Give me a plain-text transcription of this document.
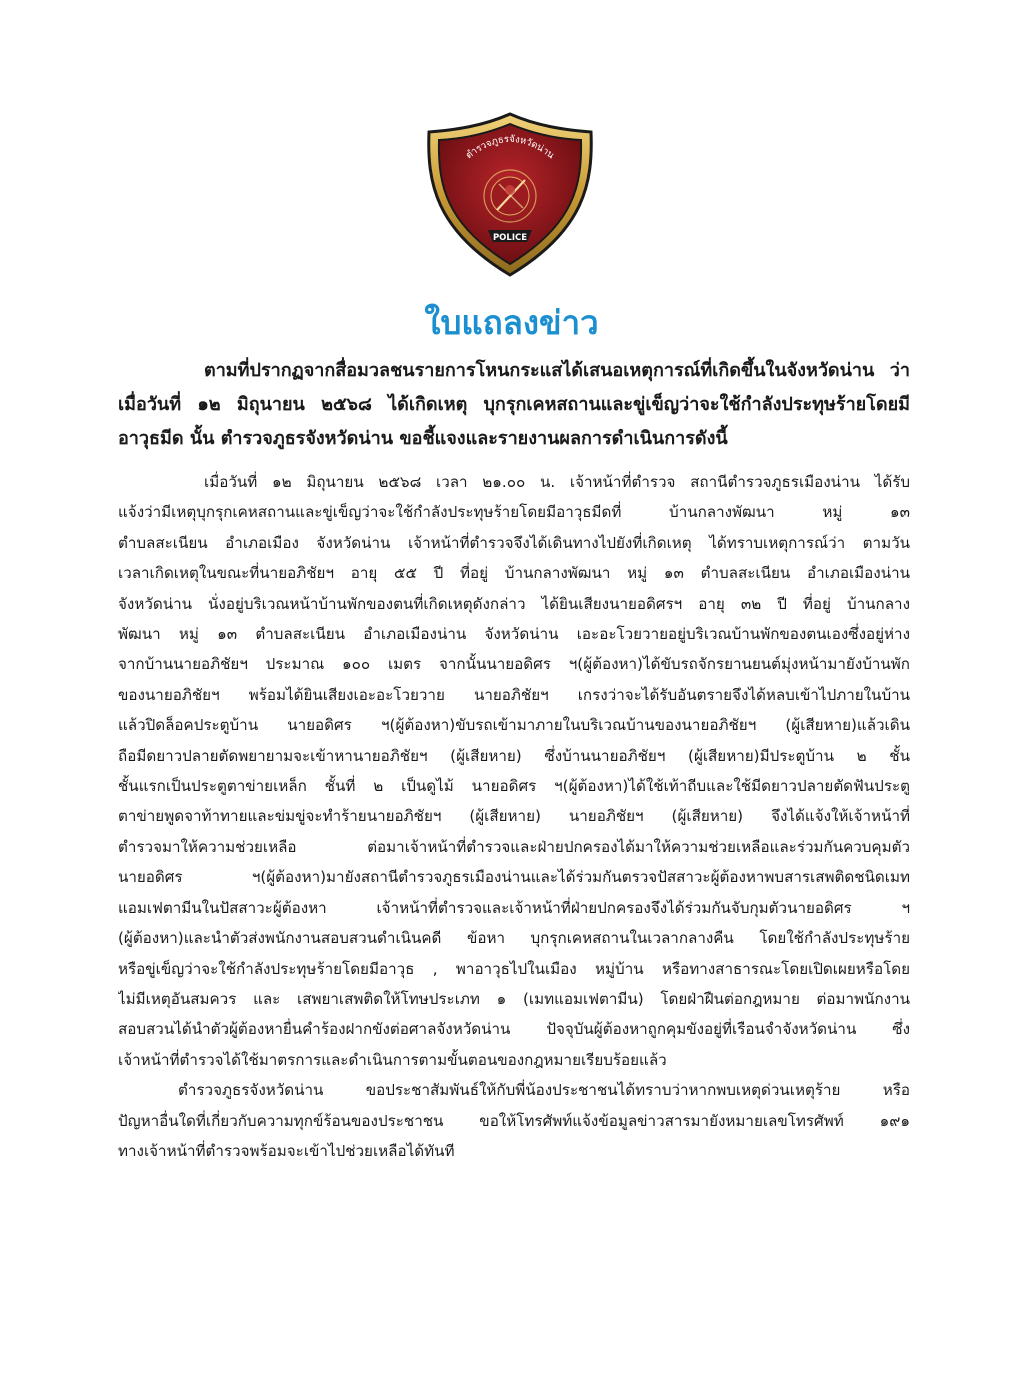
POLICE
ตำรวจภูธรจังหวัดน่าน
ใบแถลงข่าว
ตามที่ปรากฏจากสื่อมวลชนรายการโหนกระแสได้เสนอเหตุการณ์ที่เกิดขึ้นในจังหวัดน่าน ว่า
เมื่อวันที่ ๑๒ มิถุนายน ๒๕๖๘ ได้เกิดเหตุ บุกรุกเคหสถานและขู่เข็ญว่าจะใช้กำลังประทุษร้ายโดยมี
อาวุธมีด นั้น ตำรวจภูธรจังหวัดน่าน ขอชี้แจงและรายงานผลการดำเนินการดังนี้
เมื่อวันที่ ๑๒ มิถุนายน ๒๕๖๘ เวลา ๒๑.๐๐ น. เจ้าหน้าที่ตำรวจ สถานีตำรวจภูธรเมืองน่าน ได้รับ
แจ้งว่ามีเหตุบุกรุกเคหสถานและขู่เข็ญว่าจะใช้กำลังประทุษร้ายโดยมีอาวุธมีดที่ บ้านกลางพัฒนา หมู่ ๑๓
ตำบลสะเนียน อำเภอเมือง จังหวัดน่าน เจ้าหน้าที่ตำรวจจึงได้เดินทางไปยังที่เกิดเหตุ ได้ทราบเหตุการณ์ว่า ตามวัน
เวลาเกิดเหตุในขณะที่นายอภิชัยฯ อายุ ๕๕ ปี ที่อยู่ บ้านกลางพัฒนา หมู่ ๑๓ ตำบลสะเนียน อำเภอเมืองน่าน
จังหวัดน่าน นั่งอยู่บริเวณหน้าบ้านพักของตนที่เกิดเหตุดังกล่าว ได้ยินเสียงนายอดิศรฯ อายุ ๓๒ ปี ที่อยู่ บ้านกลาง
พัฒนา หมู่ ๑๓ ตำบลสะเนียน อำเภอเมืองน่าน จังหวัดน่าน เอะอะโวยวายอยู่บริเวณบ้านพักของตนเองซึ่งอยู่ห่าง
จากบ้านนายอภิชัยฯ ประมาณ ๑๐๐ เมตร จากนั้นนายอดิศร ฯ(ผู้ต้องหา)ได้ขับรถจักรยานยนต์มุ่งหน้ามายังบ้านพัก
ของนายอภิชัยฯ พร้อมได้ยินเสียงเอะอะโวยวาย นายอภิชัยฯ เกรงว่าจะได้รับอันตรายจึงได้หลบเข้าไปภายในบ้าน
แล้วปิดล็อคประตูบ้าน นายอดิศร ฯ(ผู้ต้องหา)ขับรถเข้ามาภายในบริเวณบ้านของนายอภิชัยฯ (ผู้เสียหาย)แล้วเดิน
ถือมีดยาวปลายตัดพยายามจะเข้าหานายอภิชัยฯ (ผู้เสียหาย) ซึ่งบ้านนายอภิชัยฯ (ผู้เสียหาย)มีประตูบ้าน ๒ ชั้น
ชั้นแรกเป็นประตูตาข่ายเหล็ก ชั้นที่ ๒ เป็นดูไม้ นายอดิศร ฯ(ผู้ต้องหา)ได้ใช้เท้าถีบและใช้มีดยาวปลายตัดฟันประตู
ตาข่ายพูดจาท้าทายและข่มขู่จะทำร้ายนายอภิชัยฯ (ผู้เสียหาย) นายอภิชัยฯ (ผู้เสียหาย) จึงได้แจ้งให้เจ้าหน้าที่
ตำรวจมาให้ความช่วยเหลือ ต่อมาเจ้าหน้าที่ตำรวจและฝ่ายปกครองได้มาให้ความช่วยเหลือและร่วมกันควบคุมตัว
นายอดิศร ฯ(ผู้ต้องหา)มายังสถานีตำรวจภูธรเมืองน่านและได้ร่วมกันตรวจปัสสาวะผู้ต้องหาพบสารเสพติดชนิดเมท
แอมเฟตามีนในปัสสาวะผู้ต้องหา เจ้าหน้าที่ตำรวจและเจ้าหน้าที่ฝ่ายปกครองจึงได้ร่วมกันจับกุมตัวนายอดิศร ฯ
(ผู้ต้องหา)และนำตัวส่งพนักงานสอบสวนดำเนินคดี ข้อหา บุกรุกเคหสถานในเวลากลางคืน โดยใช้กำลังประทุษร้าย
หรือขู่เข็ญว่าจะใช้กำลังประทุษร้ายโดยมีอาวุธ , พาอาวุธไปในเมือง หมู่บ้าน หรือทางสาธารณะโดยเปิดเผยหรือโดย
ไม่มีเหตุอันสมควร และ เสพยาเสพติดให้โทษประเภท ๑ (เมทแอมเฟตามีน) โดยฝ่าฝืนต่อกฎหมาย ต่อมาพนักงาน
สอบสวนได้นำตัวผู้ต้องหายื่นคำร้องฝากขังต่อศาลจังหวัดน่าน ปัจจุบันผู้ต้องหาถูกคุมขังอยู่ที่เรือนจำจังหวัดน่าน ซึ่ง
เจ้าหน้าที่ตำรวจได้ใช้มาตรการและดำเนินการตามขั้นตอนของกฎหมายเรียบร้อยแล้ว
ตำรวจภูธรจังหวัดน่าน ขอประชาสัมพันธ์ให้กับพี่น้องประชาชนได้ทราบว่าหากพบเหตุด่วนเหตุร้าย หรือ
ปัญหาอื่นใดที่เกี่ยวกับความทุกข์ร้อนของประชาชน ขอให้โทรศัพท์แจ้งข้อมูลข่าวสารมายังหมายเลขโทรศัพท์ ๑๙๑
ทางเจ้าหน้าที่ตำรวจพร้อมจะเข้าไปช่วยเหลือได้ทันที
